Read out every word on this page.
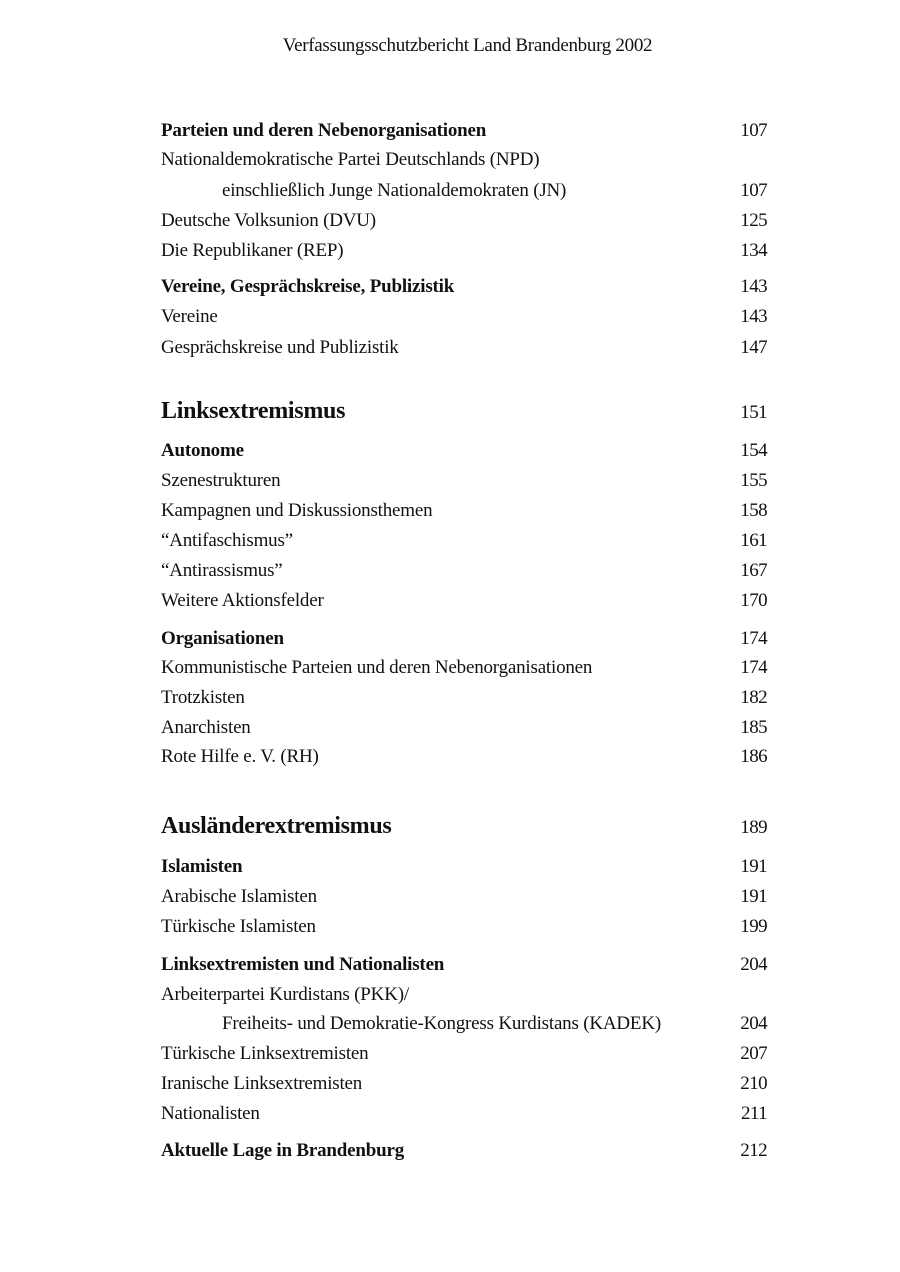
Verfassungsschutzbericht Land Brandenburg 2002
Parteien und deren Nebenorganisationen	107
Nationaldemokratische Partei Deutschlands (NPD)
einschließlich Junge Nationaldemokraten (JN)	107
Deutsche Volksunion (DVU)	125
Die Republikaner (REP)	134
Vereine, Gesprächskreise, Publizistik	143
Vereine	143
Gesprächskreise und Publizistik	147
Linksextremismus	151
Autonome	154
Szenestrukturen	155
Kampagnen und Diskussionsthemen	158
“Antifaschismus”	161
“Antirassismus”	167
Weitere Aktionsfelder	170
Organisationen	174
Kommunistische Parteien und deren Nebenorganisationen	174
Trotzkisten	182
Anarchisten	185
Rote Hilfe e. V. (RH)	186
Ausländerextremismus	189
Islamisten	191
Arabische Islamisten	191
Türkische Islamisten	199
Linksextremisten und Nationalisten	204
Arbeiterpartei Kurdistans (PKK)/
Freiheits- und Demokratie-Kongress Kurdistans (KADEK)	204
Türkische Linksextremisten	207
Iranische Linksextremisten	210
Nationalisten	211
Aktuelle Lage in Brandenburg	212
